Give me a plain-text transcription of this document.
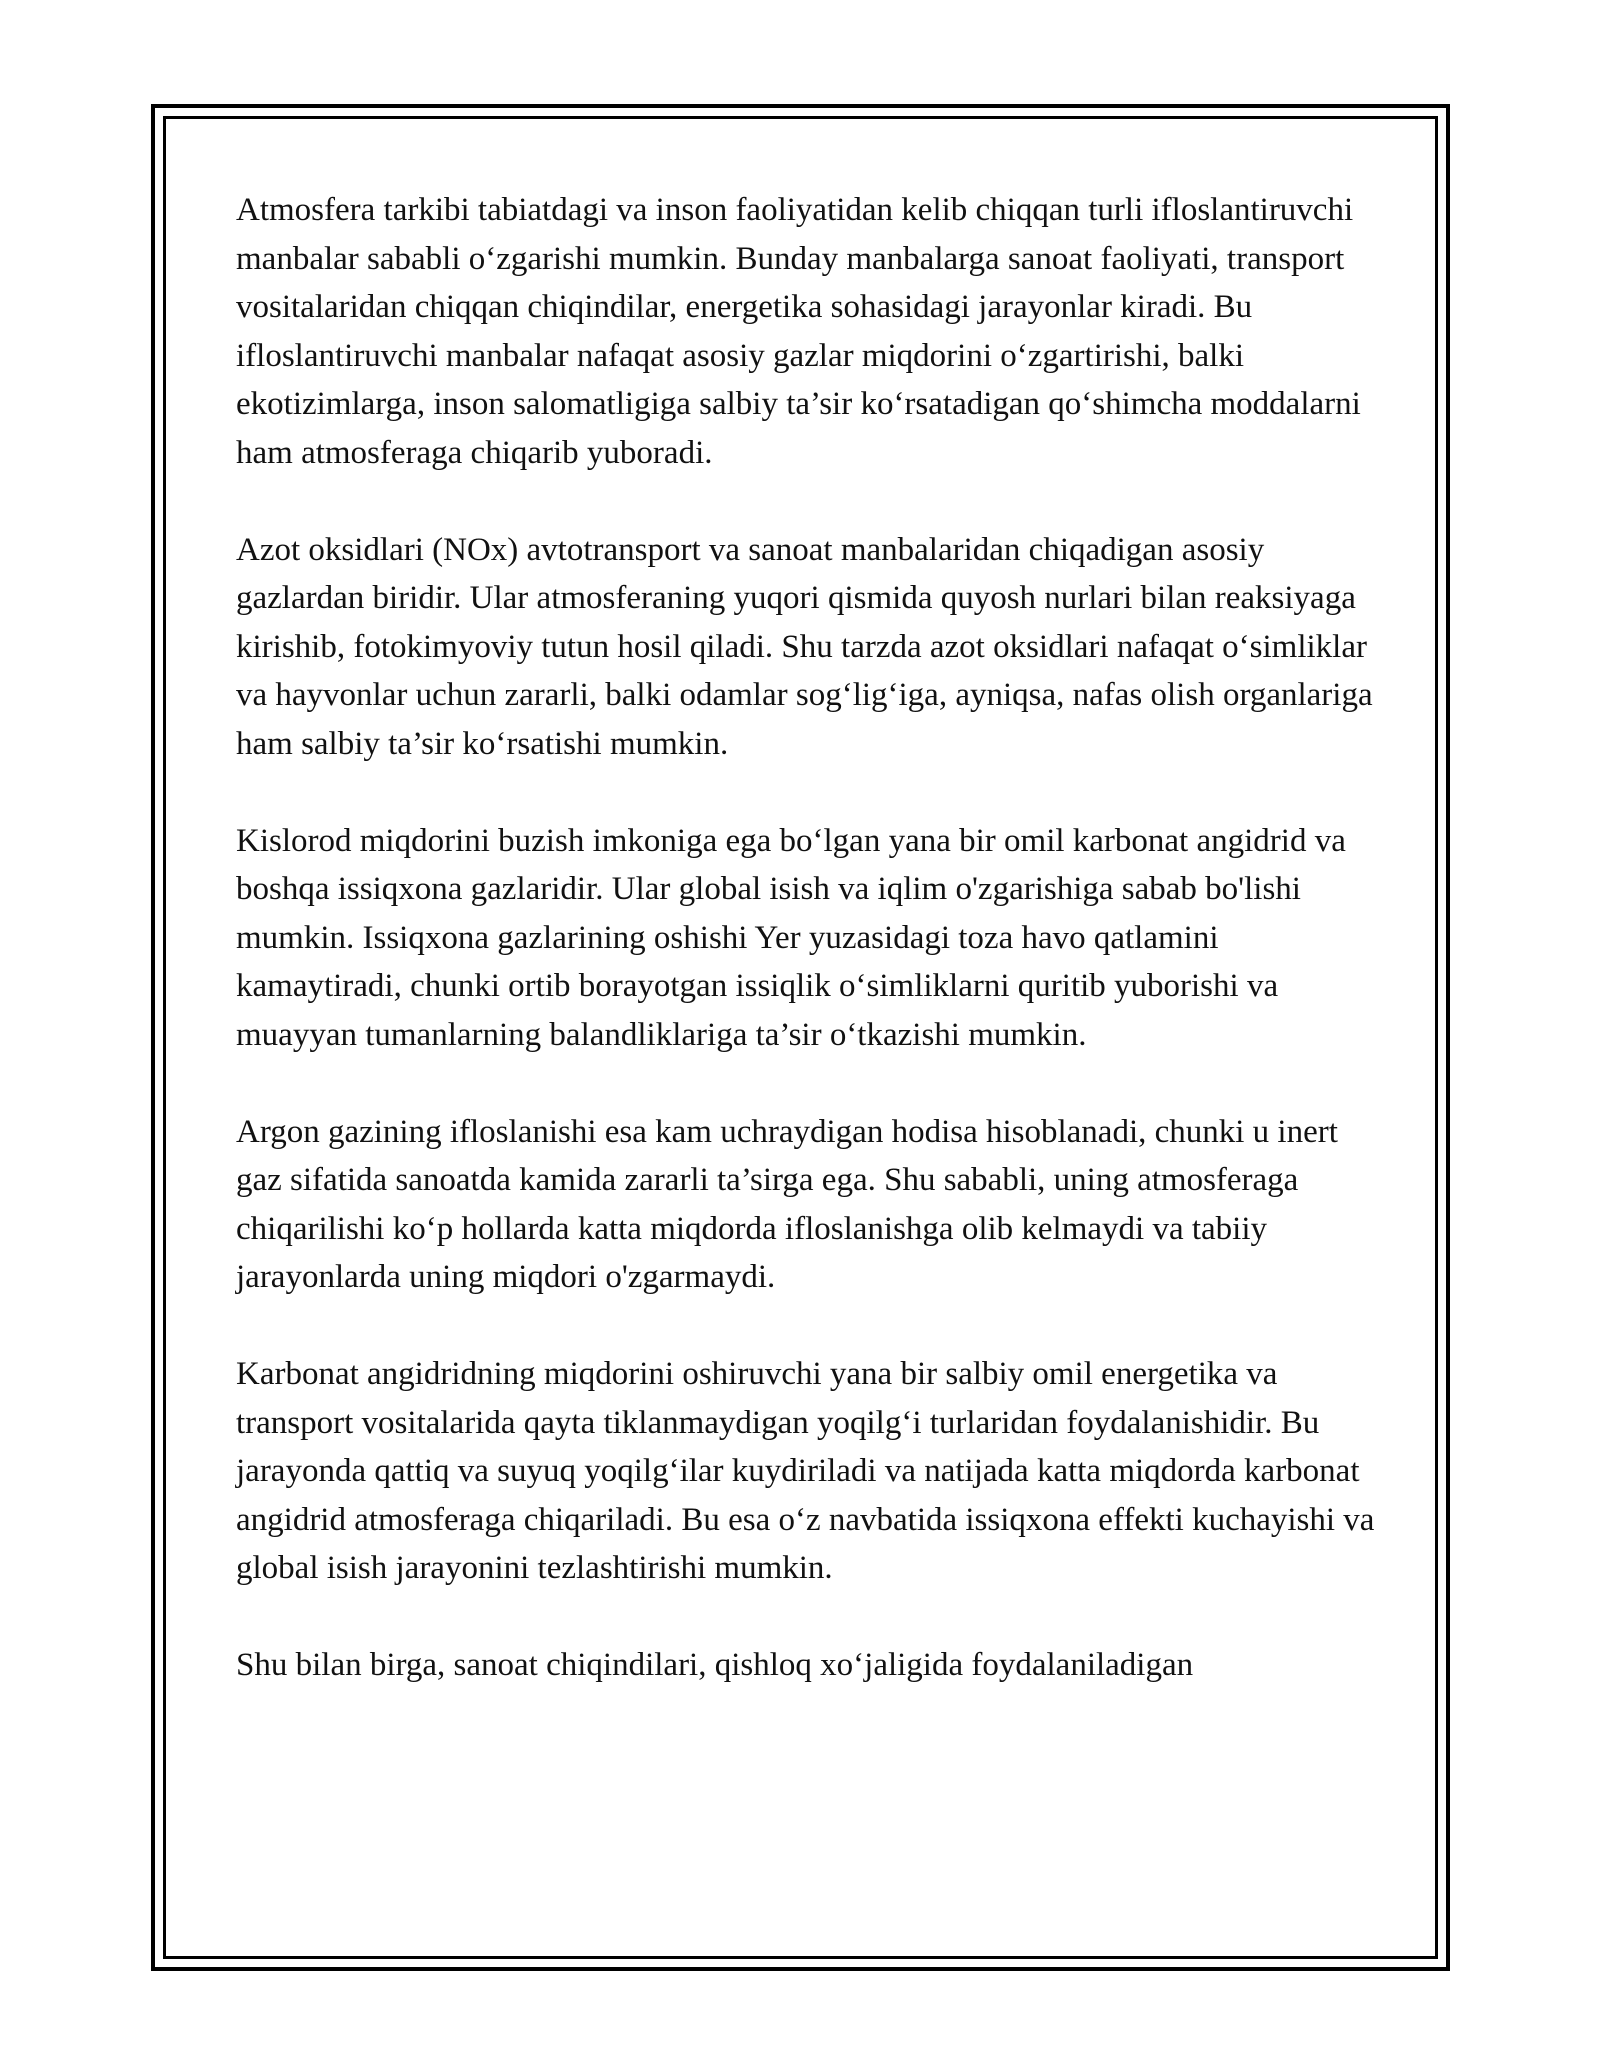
Atmosfera tarkibi tabiatdagi va inson faoliyatidan kelib chiqqan turli ifloslantiruvchi manbalar sababli o‘zgarishi mumkin. Bunday manbalarga sanoat faoliyati, transport vositalaridan chiqqan chiqindilar, energetika sohasidagi jarayonlar kiradi. Bu ifloslantiruvchi manbalar nafaqat asosiy gazlar miqdorini o‘zgartirishi, balki ekotizimlarga, inson salomatligiga salbiy ta’sir ko‘rsatadigan qo‘shimcha moddalarni ham atmosferaga chiqarib yuboradi.

Azot oksidlari (NOx) avtotransport va sanoat manbalaridan chiqadigan asosiy gazlardan biridir. Ular atmosferaning yuqori qismida quyosh nurlari bilan reaksiyaga kirishib, fotokimyoviy tutun hosil qiladi. Shu tarzda azot oksidlari nafaqat o‘simliklar va hayvonlar uchun zararli, balki odamlar sog‘lig‘iga, ayniqsa, nafas olish organlariga ham salbiy ta’sir ko‘rsatishi mumkin.

Kislorod miqdorini buzish imkoniga ega bo‘lgan yana bir omil karbonat angidrid va boshqa issiqxona gazlaridir. Ular global isish va iqlim o'zgarishiga sabab bo'lishi mumkin. Issiqxona gazlarining oshishi Yer yuzasidagi toza havo qatlamini kamaytiradi, chunki ortib borayotgan issiqlik o‘simliklarni quritib yuborishi va muayyan tumanlarning balandliklariga ta’sir o‘tkazishi mumkin.

Argon gazining ifloslanishi esa kam uchraydigan hodisa hisoblanadi, chunki u inert gaz sifatida sanoatda kamida zararli ta’sirga ega. Shu sababli, uning atmosferaga chiqarilishi ko‘p hollarda katta miqdorda ifloslanishga olib kelmaydi va tabiiy jarayonlarda uning miqdori o'zgarmaydi.

Karbonat angidridning miqdorini oshiruvchi yana bir salbiy omil energetika va transport vositalarida qayta tiklanmaydigan yoqilg‘i turlaridan foydalanishidir. Bu jarayonda qattiq va suyuq yoqilg‘ilar kuydiriladi va natijada katta miqdorda karbonat angidrid atmosferaga chiqariladi. Bu esa o‘z navbatida issiqxona effekti kuchayishi va global isish jarayonini tezlashtirishi mumkin.

Shu bilan birga, sanoat chiqindilari, qishloq xo‘jaligida foydalaniladigan
